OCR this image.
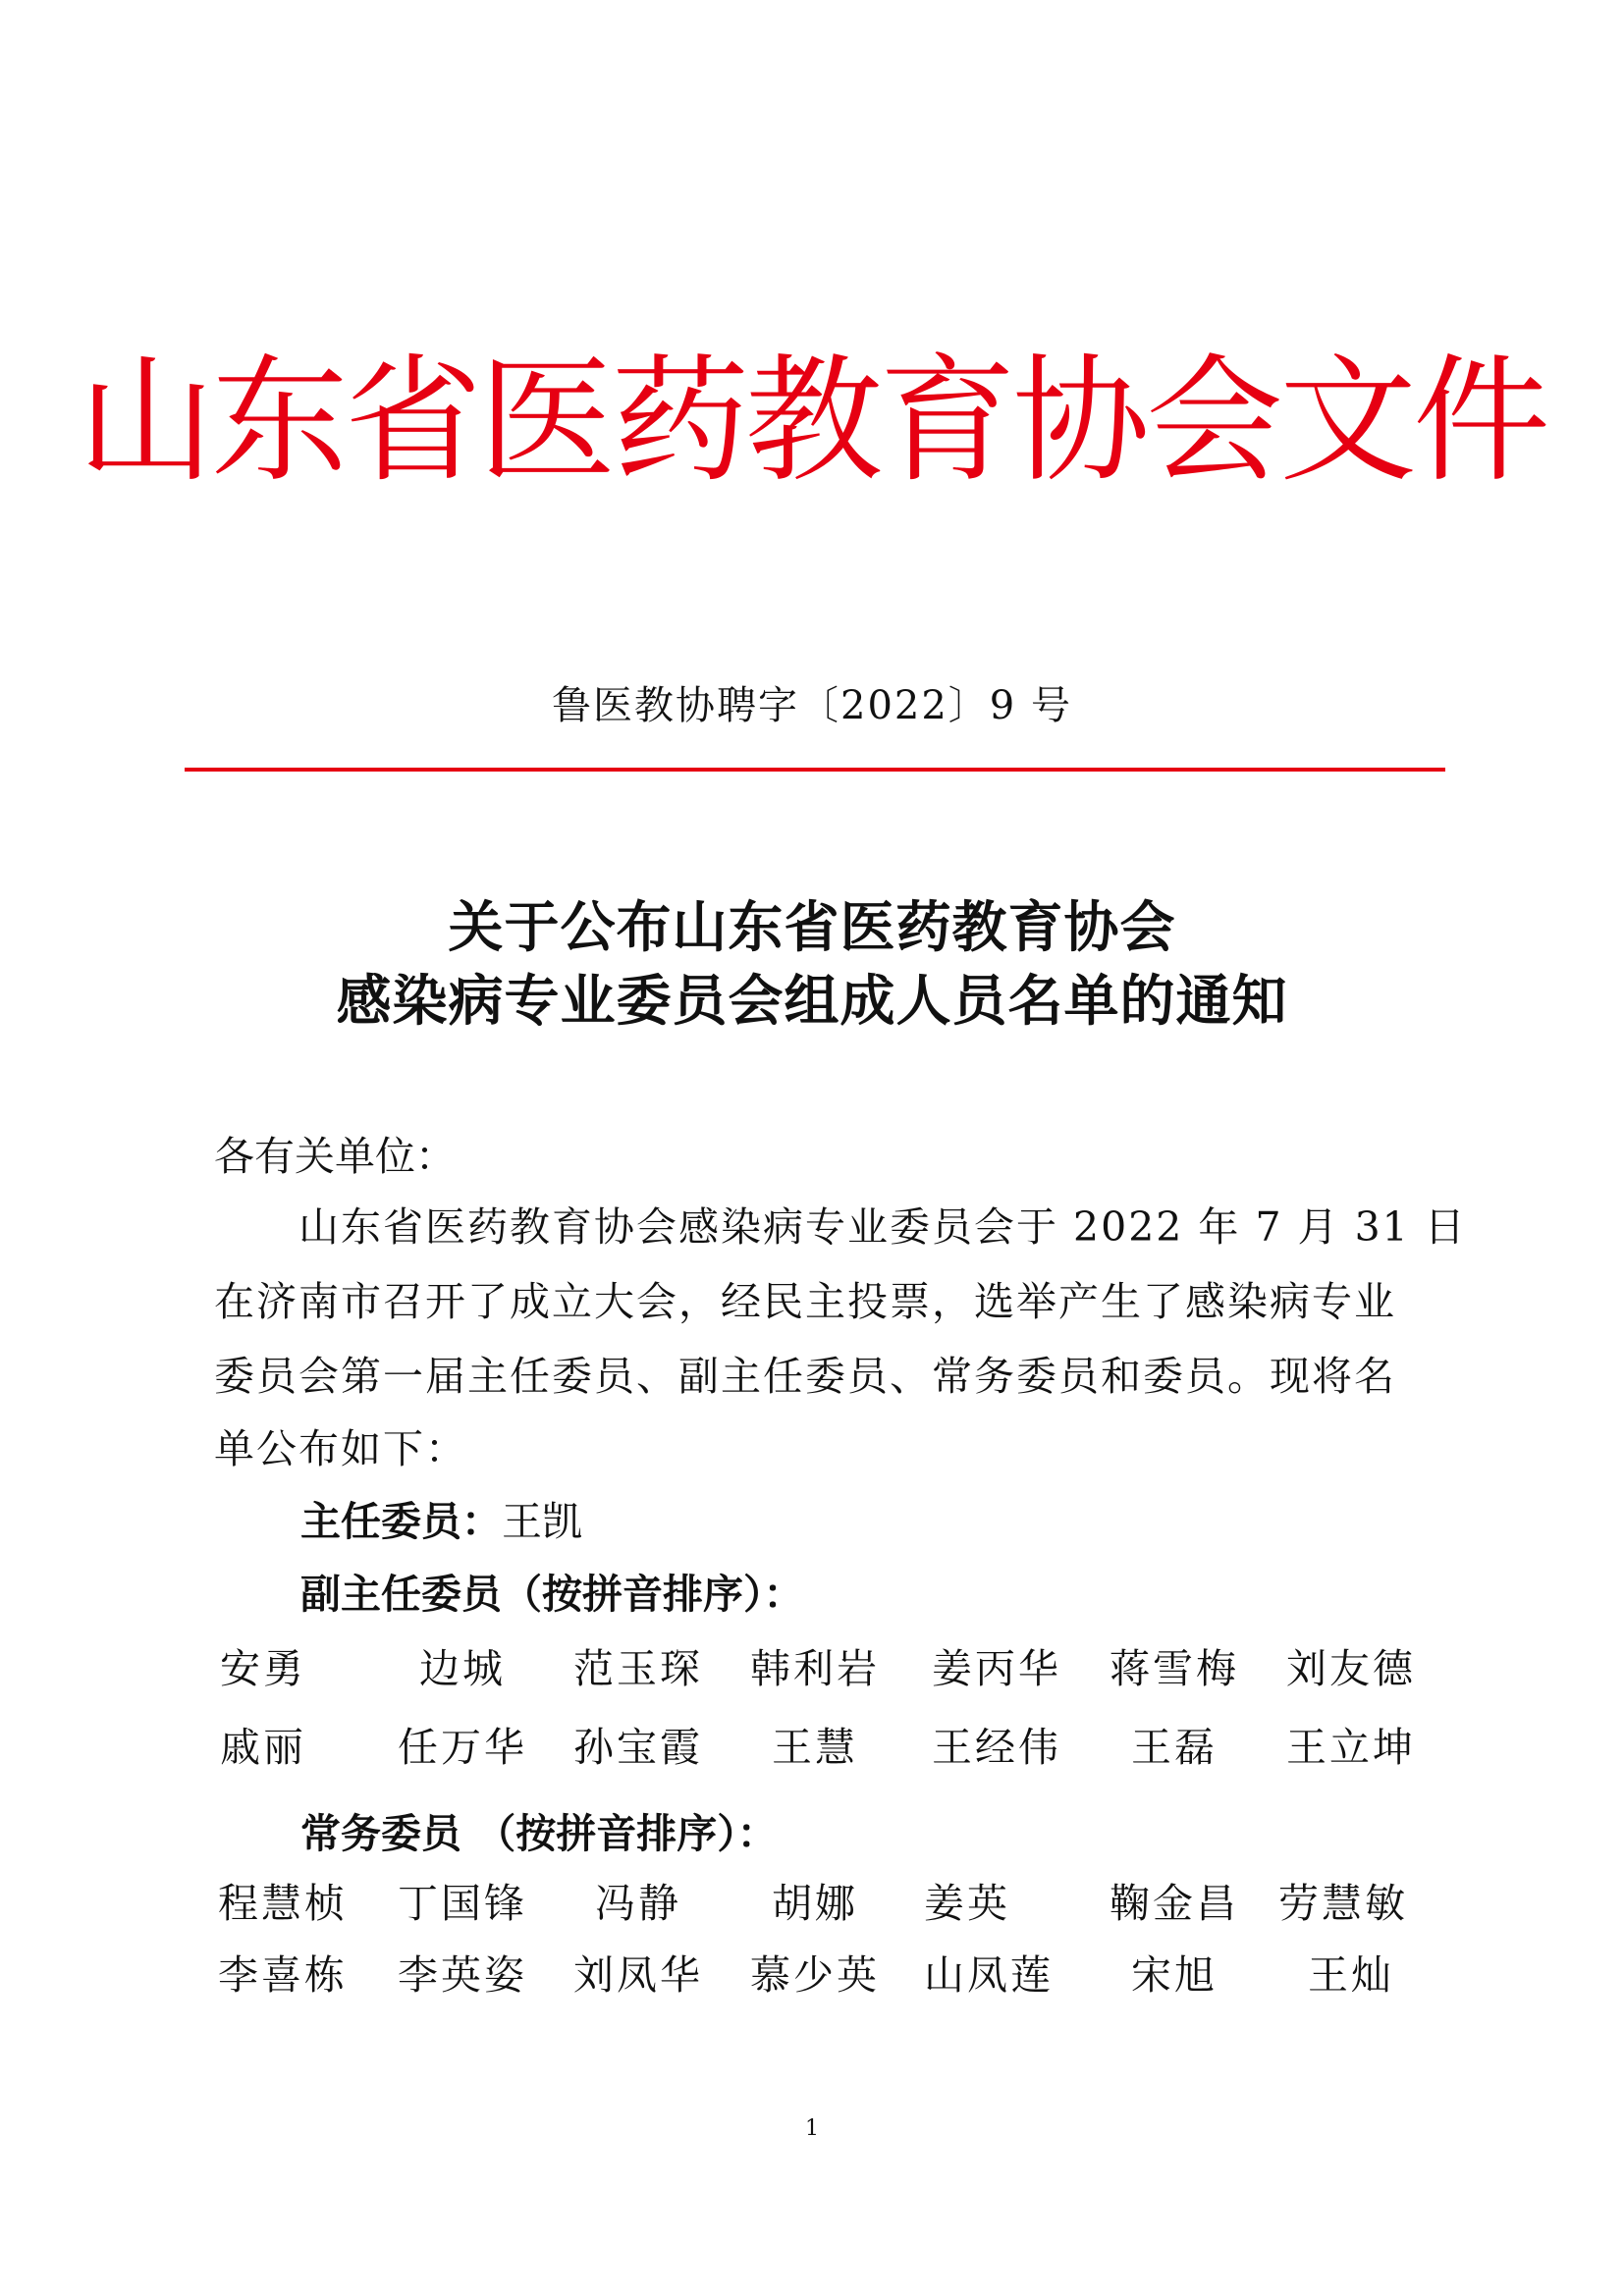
山东省医药教育协会文件
鲁医教协聘字〔2022〕9 号
关于公布山东省医药教育协会
感染病专业委员会组成人员名单的通知
各有关单位：
山东省医药教育协会感染病专业委员会于 2022 年 7 月 31 日
在济南市召开了成立大会，经民主投票，选举产生了感染病专业
委员会第一届主任委员、副主任委员、常务委员和委员。现将名
单公布如下：
主任委员：王凯
副主任委员（按拼音排序）：
安勇	边城	范玉琛	韩利岩	姜丙华	蒋雪梅	刘友德
戚丽	任万华	孙宝霞	王慧	王经伟	王磊	王立坤
常务委员 （按拼音排序）：
程慧桢	丁国锋	冯静	胡娜	姜英	鞠金昌 劳慧敏
李喜栋	李英姿	刘凤华	慕少英	山凤莲	宋旭	王灿
1
